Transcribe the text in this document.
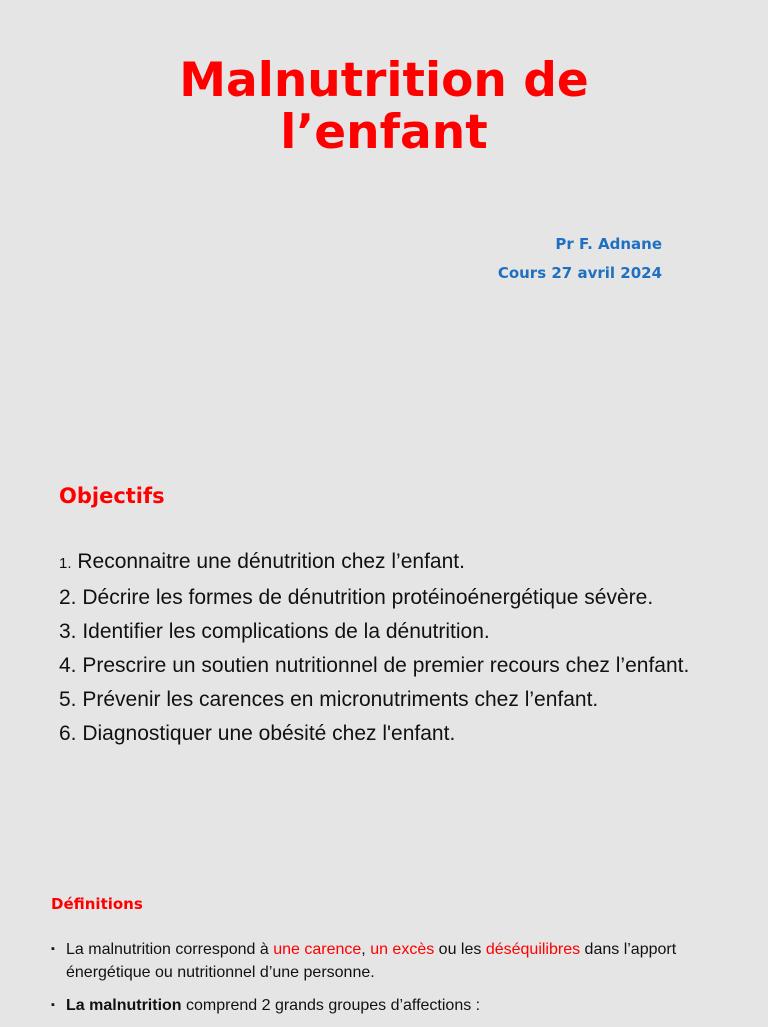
Malnutrition de
l’enfant
Pr F. Adnane
Cours 27 avril 2024
Objectifs
1. Reconnaitre une dénutrition chez l’enfant.
2. Décrire les formes de dénutrition protéinoénergétique sévère.
3. Identifier les complications de la dénutrition.
4. Prescrire un soutien nutritionnel de premier recours chez l’enfant.
5. Prévenir les carences en micronutriments chez l’enfant.
6. Diagnostiquer une obésité chez l'enfant.
Définitions
▪ La malnutrition correspond à une carence, un excès ou les déséquilibres dans l’apport énergétique ou nutritionnel d’une personne.
▪ La malnutrition comprend 2 grands groupes d’affections :
